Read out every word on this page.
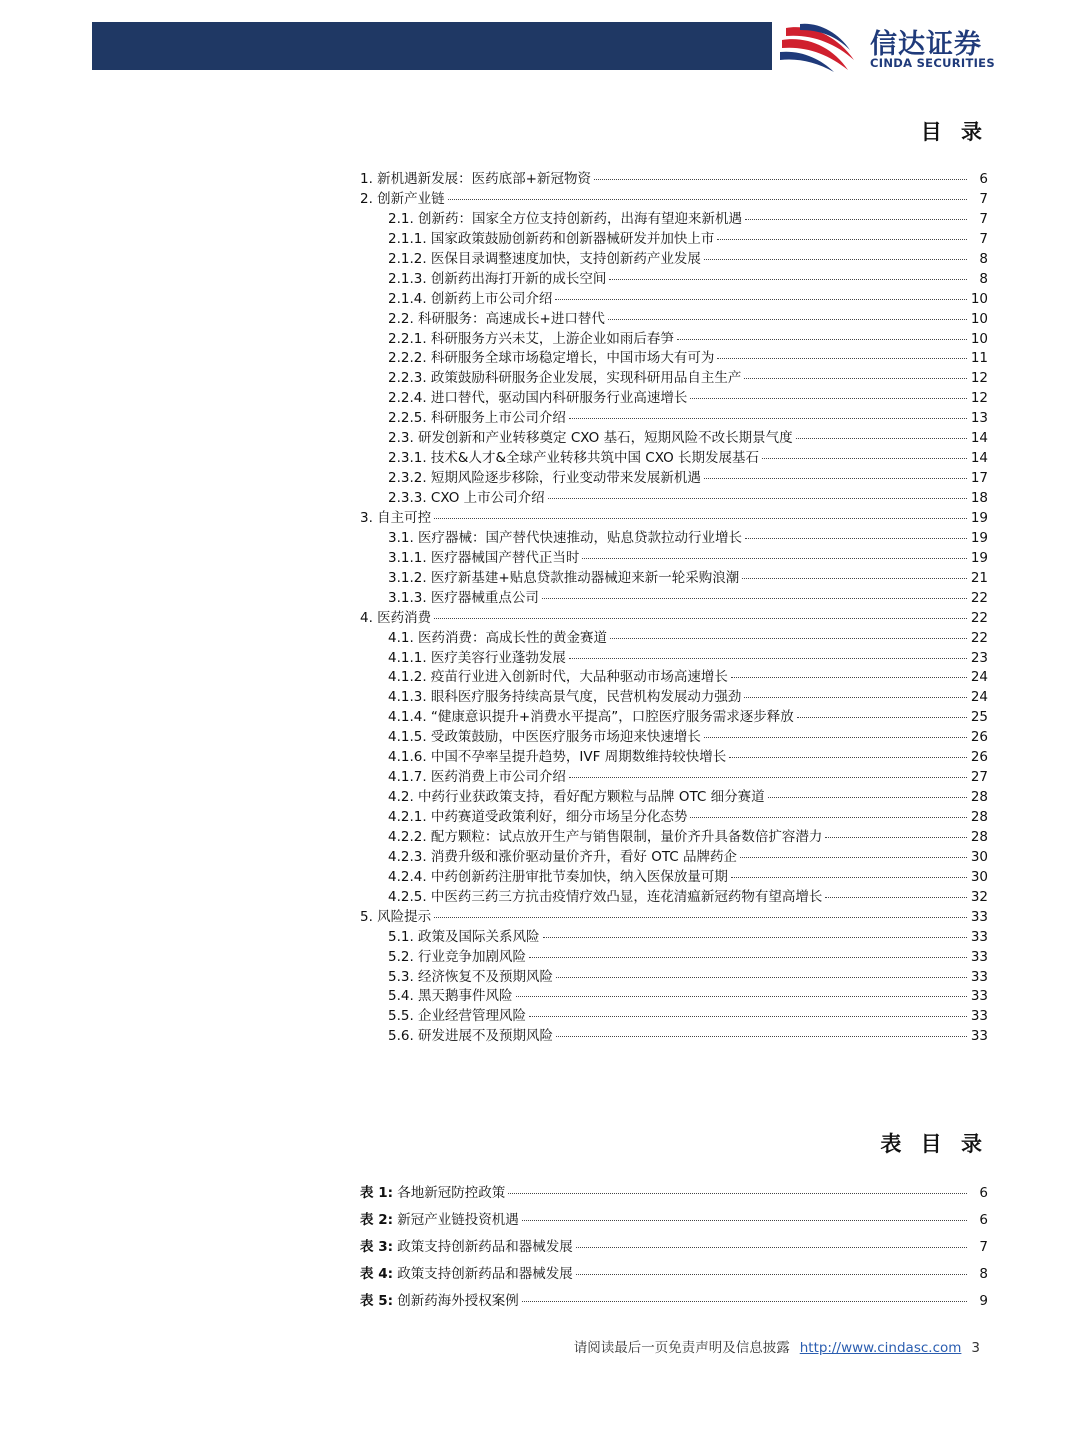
信达证券
CINDA SECURITIES
目 录
1. 新机遇新发展：医药底部+新冠物资	6
2. 创新产业链	7
2.1. 创新药：国家全方位支持创新药，出海有望迎来新机遇	7
2.1.1. 国家政策鼓励创新药和创新器械研发并加快上市	7
2.1.2. 医保目录调整速度加快，支持创新药产业发展	8
2.1.3. 创新药出海打开新的成长空间	8
2.1.4. 创新药上市公司介绍	10
2.2. 科研服务：高速成长+进口替代	10
2.2.1. 科研服务方兴未艾，上游企业如雨后春笋	10
2.2.2. 科研服务全球市场稳定增长，中国市场大有可为	11
2.2.3. 政策鼓励科研服务企业发展，实现科研用品自主生产	12
2.2.4. 进口替代，驱动国内科研服务行业高速增长	12
2.2.5. 科研服务上市公司介绍	13
2.3. 研发创新和产业转移奠定 CXO 基石，短期风险不改长期景气度	14
2.3.1. 技术&人才&全球产业转移共筑中国 CXO 长期发展基石	14
2.3.2. 短期风险逐步移除，行业变动带来发展新机遇	17
2.3.3. CXO 上市公司介绍	18
3. 自主可控	19
3.1. 医疗器械：国产替代快速推动，贴息贷款拉动行业增长	19
3.1.1. 医疗器械国产替代正当时	19
3.1.2. 医疗新基建+贴息贷款推动器械迎来新一轮采购浪潮	21
3.1.3. 医疗器械重点公司	22
4. 医药消费	22
4.1. 医药消费：高成长性的黄金赛道	22
4.1.1. 医疗美容行业蓬勃发展	23
4.1.2. 疫苗行业进入创新时代，大品种驱动市场高速增长	24
4.1.3. 眼科医疗服务持续高景气度，民营机构发展动力强劲	24
4.1.4. “健康意识提升+消费水平提高”，口腔医疗服务需求逐步释放	25
4.1.5. 受政策鼓励，中医医疗服务市场迎来快速增长	26
4.1.6. 中国不孕率呈提升趋势，IVF 周期数维持较快增长	26
4.1.7. 医药消费上市公司介绍	27
4.2. 中药行业获政策支持，看好配方颗粒与品牌 OTC 细分赛道	28
4.2.1. 中药赛道受政策利好，细分市场呈分化态势	28
4.2.2. 配方颗粒：试点放开生产与销售限制，量价齐升具备数倍扩容潜力	28
4.2.3. 消费升级和涨价驱动量价齐升，看好 OTC 品牌药企	30
4.2.4. 中药创新药注册审批节奏加快，纳入医保放量可期	30
4.2.5. 中医药三药三方抗击疫情疗效凸显，连花清瘟新冠药物有望高增长	32
5. 风险提示	33
5.1. 政策及国际关系风险	33
5.2. 行业竞争加剧风险	33
5.3. 经济恢复不及预期风险	33
5.4. 黑天鹅事件风险	33
5.5. 企业经营管理风险	33
5.6. 研发进展不及预期风险	33
表 目 录
表 1: 各地新冠防控政策	6
表 2: 新冠产业链投资机遇	6
表 3: 政策支持创新药品和器械发展	7
表 4: 政策支持创新药品和器械发展	8
表 5: 创新药海外授权案例	9
请阅读最后一页免责声明及信息披露 http://www.cindasc.com 3
